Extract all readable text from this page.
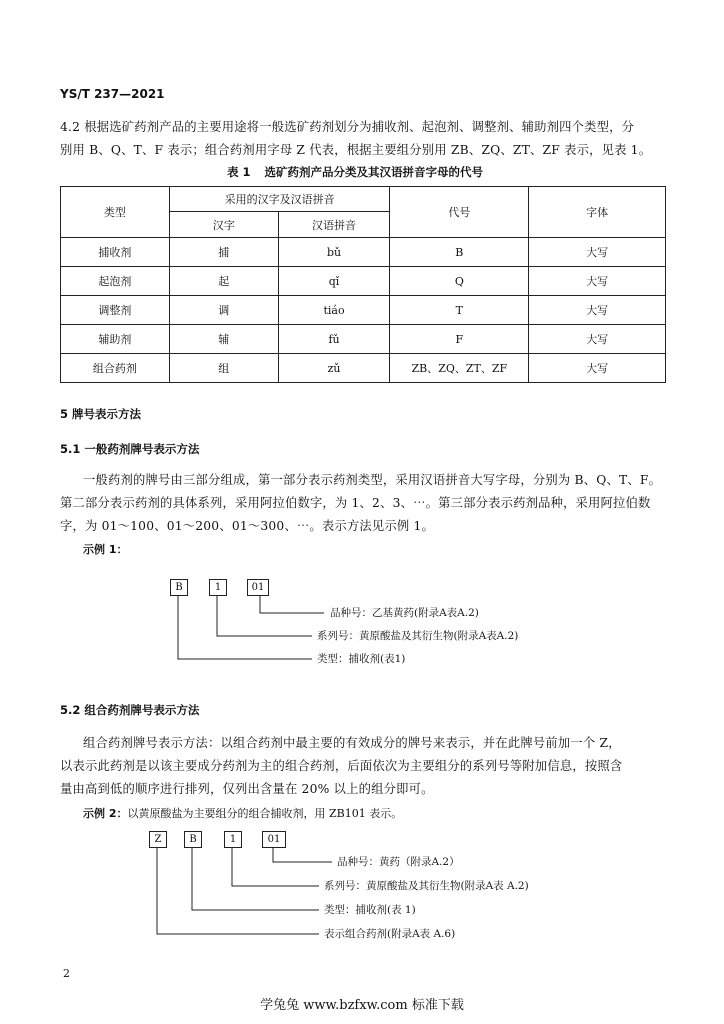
YS/T 237—2021
4.2 根据选矿药剂产品的主要用途将一般选矿药剂划分为捕收剂、起泡剂、调整剂、辅助剂四个类型，分
别用 B、Q、T、F 表示；组合药剂用字母 Z 代表，根据主要组分别用 ZB、ZQ、ZT、ZF 表示，见表 1。
表 1 选矿药剂产品分类及其汉语拼音字母的代号
类型	采用的汉字及汉语拼音		代号	字体
	汉字	汉语拼音		
捕收剂	捕	bǔ	B	大写
起泡剂	起	qǐ	Q	大写
调整剂	调	tiáo	T	大写
辅助剂	辅	fǔ	F	大写
组合药剂	组	zǔ	ZB、ZQ、ZT、ZF	大写
5 牌号表示方法
5.1 一般药剂牌号表示方法
一般药剂的牌号由三部分组成，第一部分表示药剂类型，采用汉语拼音大写字母，分别为 B、Q、T、F。
第二部分表示药剂的具体系列，采用阿拉伯数字，为 1、2、3、⋯。第三部分表示药剂品种，采用阿拉伯数
字，为 01～100、01～200、01～300、⋯。表示方法见示例 1。
示例 1：
B	1	01
品种号：乙基黄药(附录A表A.2)
系列号：黄原酸盐及其衍生物(附录A表A.2)
类型：捕收剂(表1)
5.2 组合药剂牌号表示方法
组合药剂牌号表示方法：以组合药剂中最主要的有效成分的牌号来表示，并在此牌号前加一个 Z，
以表示此药剂是以该主要成分药剂为主的组合药剂，后面依次为主要组分的系列号等附加信息，按照含
量由高到低的顺序进行排列，仅列出含量在 20% 以上的组分即可。
示例 2：以黄原酸盐为主要组分的组合捕收剂，用 ZB101 表示。
Z	B	1	01
品种号：黄药（附录A.2）
系列号：黄原酸盐及其衍生物(附录A表 A.2)
类型：捕收剂(表 1)
表示组合药剂(附录A表 A.6)
2
学兔兔 www.bzfxw.com 标准下载
